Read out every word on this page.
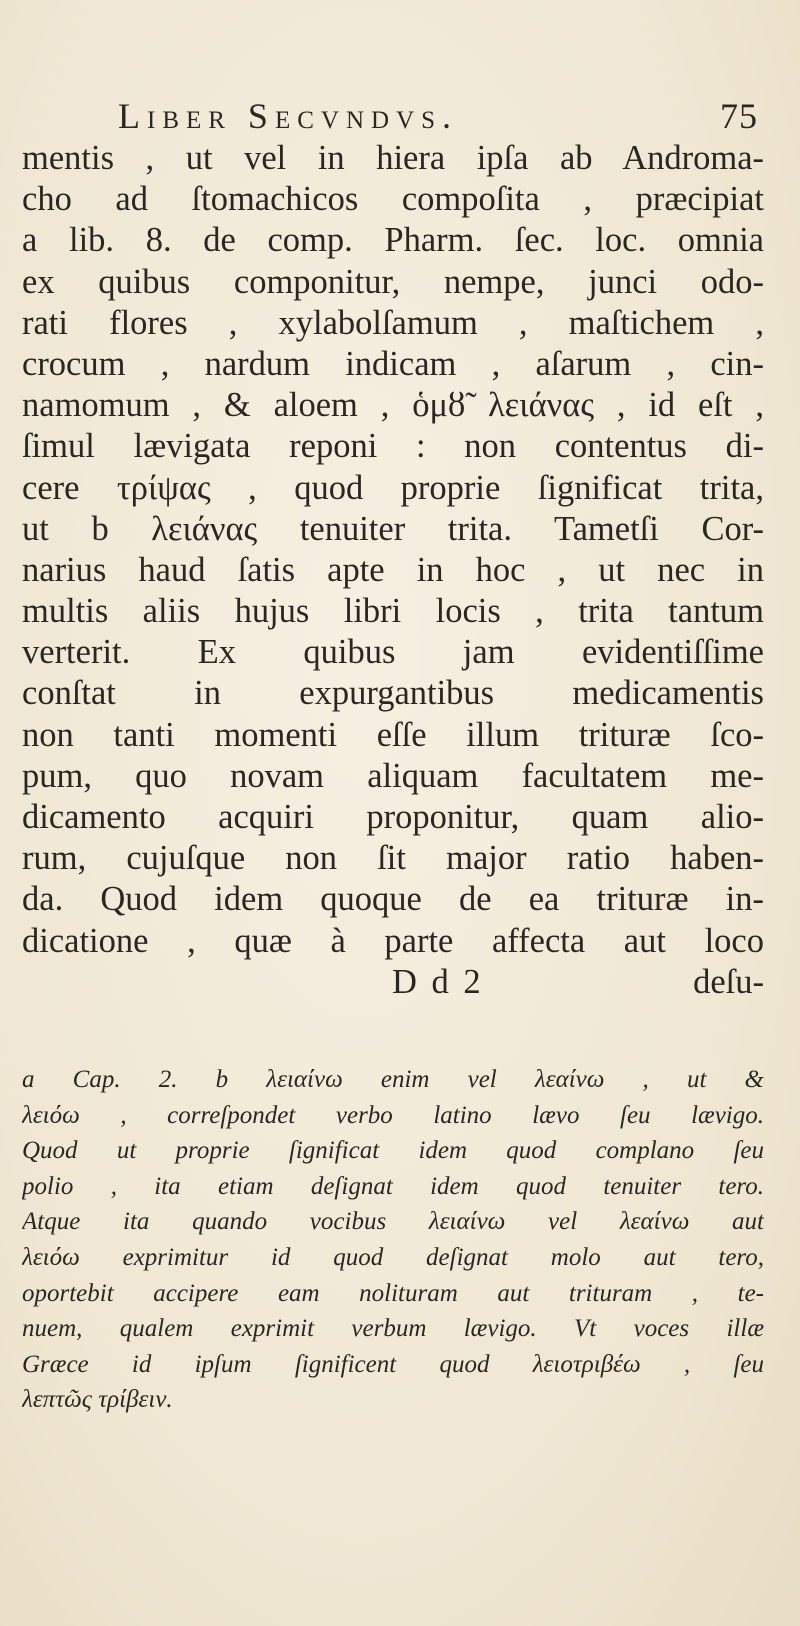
Liber Secvndvs.	75
mentis , ut vel in hiera ipſa ab Androma-
cho ad ſtomachicos compoſita , præcipiat
a lib. 8. de comp. Pharm. ſec. loc. omnia
ex quibus componitur, nempe, junci odo-
rati flores , xylabolſamum , maſtichem ,
crocum , nardum indicam , aſarum , cin-
namomum , & aloem , ὁμȣ̃ λειάνας , id eſt ,
ſimul lævigata reponi : non contentus di-
cere τρίψας , quod proprie ſignificat trita,
ut b λειάνας tenuiter trita. Tametſi Cor-
narius haud ſatis apte in hoc , ut nec in
multis aliis hujus libri locis , trita tantum
verterit. Ex quibus jam evidentiſſime
conſtat in expurgantibus medicamentis
non tanti momenti eſſe illum trituræ ſco-
pum, quo novam aliquam facultatem me-
dicamento acquiri proponitur, quam alio-
rum, cujuſque non ſit major ratio haben-
da. Quod idem quoque de ea trituræ in-
dicatione , quæ à parte affecta aut loco
D d 2	deſu-
a Cap. 2. b λειαίνω enim vel λεαίνω , ut &
λειόω , correſpondet verbo latino lævo ſeu lævigo.
Quod ut proprie ſignificat idem quod complano ſeu
polio , ita etiam deſignat idem quod tenuiter tero.
Atque ita quando vocibus λειαίνω vel λεαίνω aut
λειόω exprimitur id quod deſignat molo aut tero,
oportebit accipere eam nolituram aut trituram , te-
nuem, qualem exprimit verbum lævigo. Vt voces illæ
Græce id ipſum ſignificent quod λειοτριβέω , ſeu
λεπτῶς τρίβειν.
